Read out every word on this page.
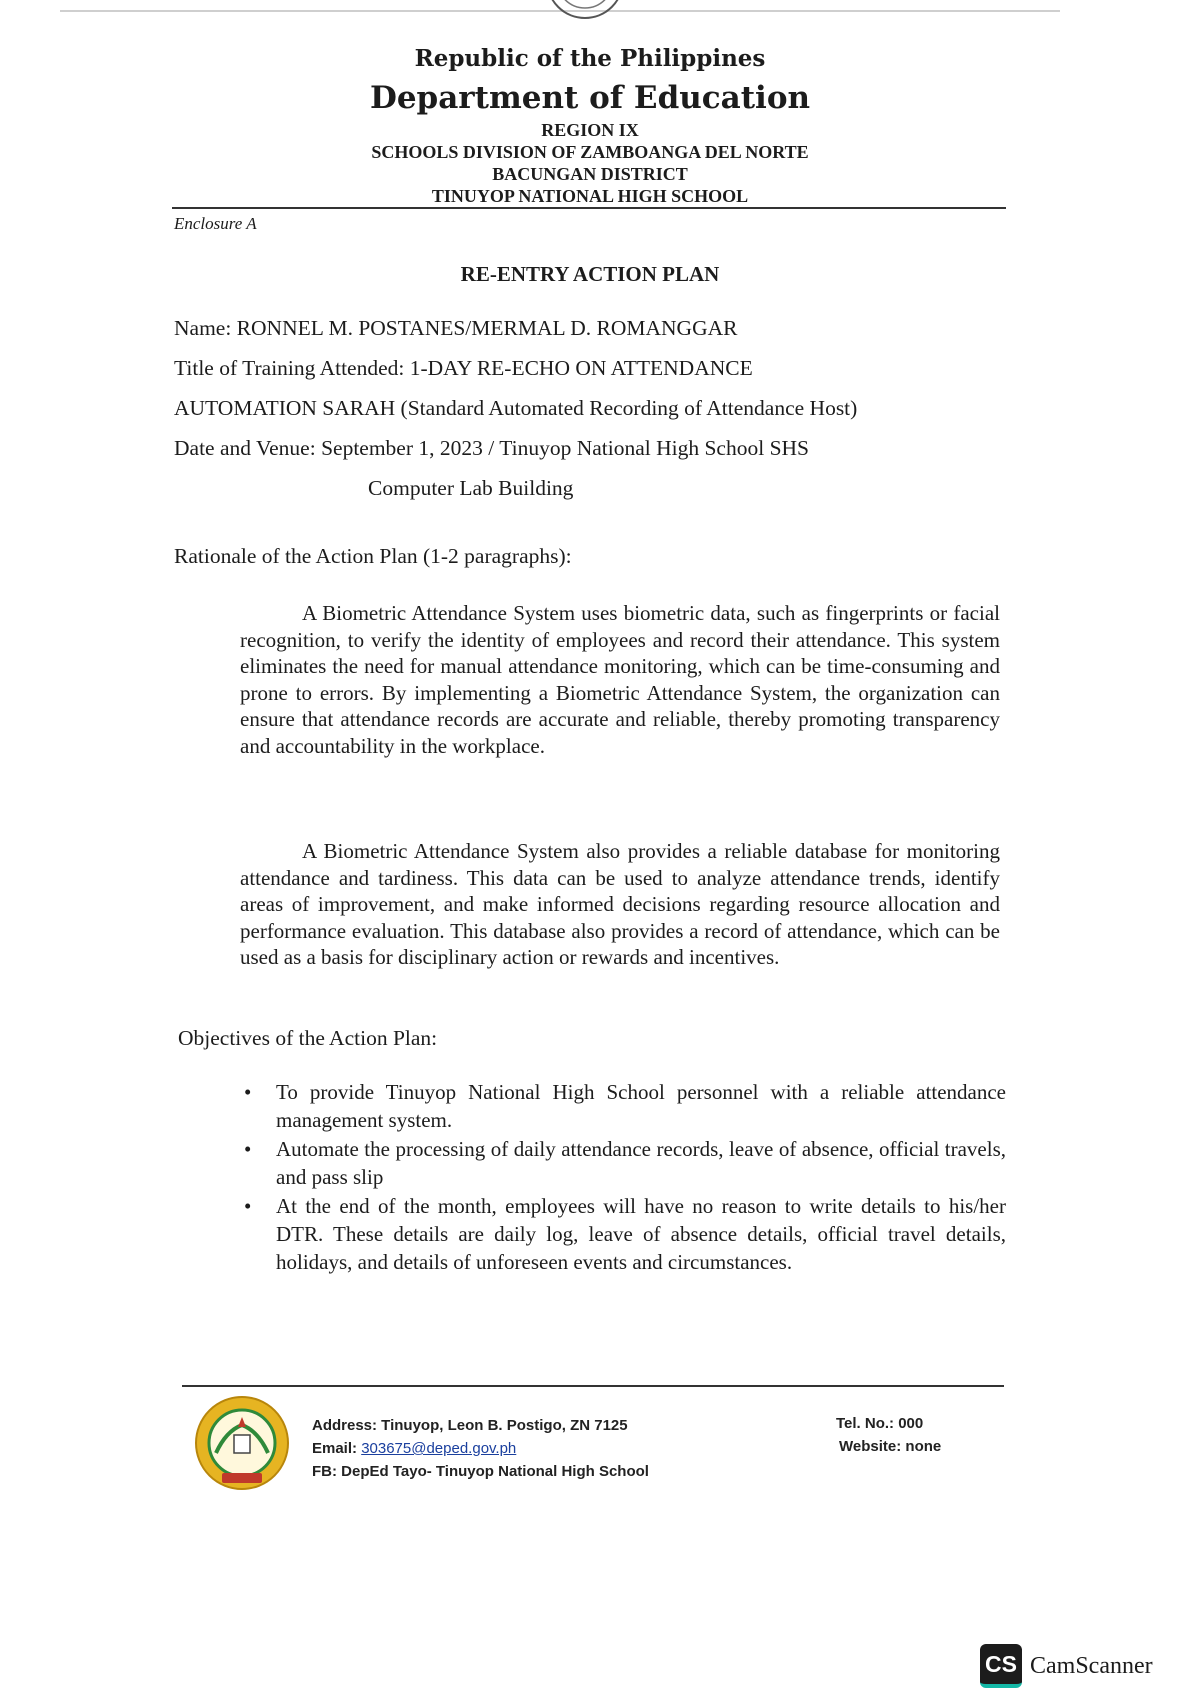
Republic of the Philippines
Department of Education
REGION IX
SCHOOLS DIVISION OF ZAMBOANGA DEL NORTE
BACUNGAN DISTRICT
TINUYOP NATIONAL HIGH SCHOOL
Enclosure A
RE-ENTRY ACTION PLAN
Name: RONNEL M. POSTANES/MERMAL D. ROMANGGAR
Title of Training Attended: 1-DAY RE-ECHO ON ATTENDANCE
AUTOMATION SARAH (Standard Automated Recording of Attendance Host)
Date and Venue: September 1, 2023 / Tinuyop National High School SHS
Computer Lab Building
Rationale of the Action Plan (1-2 paragraphs):
A Biometric Attendance System uses biometric data, such as fingerprints or facial recognition, to verify the identity of employees and record their attendance. This system eliminates the need for manual attendance monitoring, which can be time-consuming and prone to errors. By implementing a Biometric Attendance System, the organization can ensure that attendance records are accurate and reliable, thereby promoting transparency and accountability in the workplace.
A Biometric Attendance System also provides a reliable database for monitoring attendance and tardiness. This data can be used to analyze attendance trends, identify areas of improvement, and make informed decisions regarding resource allocation and performance evaluation. This database also provides a record of attendance, which can be used as a basis for disciplinary action or rewards and incentives.
Objectives of the Action Plan:
• To provide Tinuyop National High School personnel with a reliable attendance management system.
• Automate the processing of daily attendance records, leave of absence, official travels, and pass slip
• At the end of the month, employees will have no reason to write details to his/her DTR. These details are daily log, leave of absence details, official travel details, holidays, and details of unforeseen events and circumstances.
Address: Tinuyop, Leon B. Postigo, ZN 7125
Email: 303675@deped.gov.ph
FB: DepEd Tayo- Tinuyop National High School
Tel. No.: 000
Website: none
CS CamScanner
